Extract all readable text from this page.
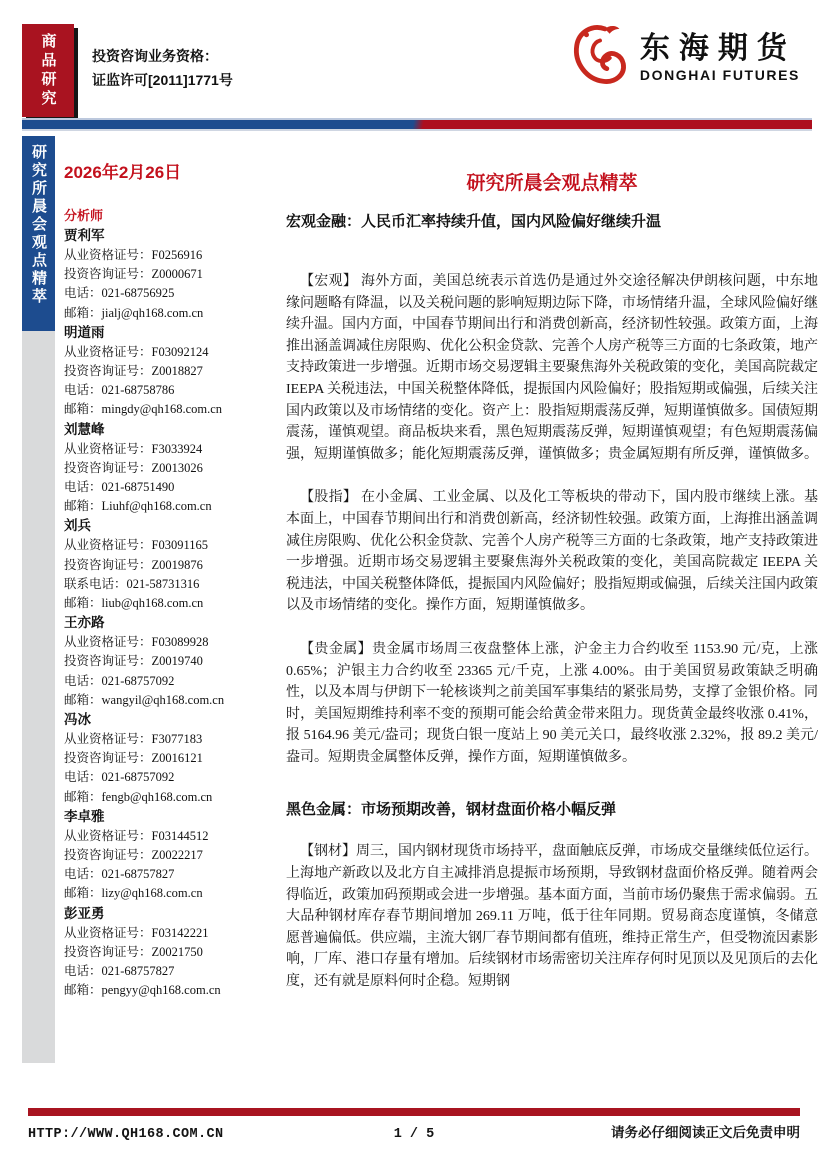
商品研究	投资咨询业务资格：
证监许可[2011]1771号
东海期货
DONGHAI FUTURES
研究所晨会观点精萃 2026年2月26日
分析师
贾利军
从业资格证号：F0256916
投资咨询证号：Z0000671
电话：021-68756925
邮箱：jialj@qh168.com.cn
明道雨
从业资格证号：F03092124
投资咨询证号：Z0018827
电话：021-68758786
邮箱：mingdy@qh168.com.cn
刘慧峰
从业资格证号：F3033924
投资咨询证号：Z0013026
电话：021-68751490
邮箱：Liuhf@qh168.com.cn
刘兵
从业资格证号：F03091165
投资咨询证号：Z0019876
联系电话：021-58731316
邮箱：liub@qh168.com.cn
王亦路
从业资格证号：F03089928
投资咨询证号：Z0019740
电话：021-68757092
邮箱：wangyil@qh168.com.cn
冯冰
从业资格证号：F3077183
投资咨询证号：Z0016121
电话：021-68757092
邮箱：fengb@qh168.com.cn
李卓雅
从业资格证号：F03144512
投资咨询证号：Z0022217
电话：021-68757827
邮箱：lizy@qh168.com.cn
彭亚勇
从业资格证号：F03142221
投资咨询证号：Z0021750
电话：021-68757827
邮箱：pengyy@qh168.com.cn
研究所晨会观点精萃
宏观金融：人民币汇率持续升值，国内风险偏好继续升温

【宏观】 海外方面，美国总统表示首选仍是通过外交途径解决伊朗核问题，中东地缘问题略有降温，以及关税问题的影响短期边际下降，市场情绪升温，全球风险偏好继续升温。国内方面，中国春节期间出行和消费创新高，经济韧性较强。政策方面，上海推出涵盖调减住房限购、优化公积金贷款、完善个人房产税等三方面的七条政策，地产支持政策进一步增强。近期市场交易逻辑主要聚焦海外关税政策的变化，美国高院裁定 IEEPA 关税违法，中国关税整体降低，提振国内风险偏好；股指短期或偏强，后续关注国内政策以及市场情绪的变化。资产上：股指短期震荡反弹，短期谨慎做多。国债短期震荡，谨慎观望。商品板块来看，黑色短期震荡反弹，短期谨慎观望；有色短期震荡偏强，短期谨慎做多；能化短期震荡反弹，谨慎做多；贵金属短期有所反弹，谨慎做多。

【股指】 在小金属、工业金属、以及化工等板块的带动下，国内股市继续上涨。基本面上，中国春节期间出行和消费创新高，经济韧性较强。政策方面，上海推出涵盖调减住房限购、优化公积金贷款、完善个人房产税等三方面的七条政策，地产支持政策进一步增强。近期市场交易逻辑主要聚焦海外关税政策的变化，美国高院裁定 IEEPA 关税违法，中国关税整体降低，提振国内风险偏好；股指短期或偏强，后续关注国内政策以及市场情绪的变化。操作方面，短期谨慎做多。

【贵金属】贵金属市场周三夜盘整体上涨，沪金主力合约收至 1153.90 元/克，上涨 0.65%；沪银主力合约收至 23365 元/千克，上涨 4.00%。由于美国贸易政策缺乏明确性，以及本周与伊朗下一轮核谈判之前美国军事集结的紧张局势，支撑了金银价格。同时，美国短期维持利率不变的预期可能会给黄金带来阻力。现货黄金最终收涨 0.41%，报 5164.96 美元/盎司；现货白银一度站上 90 美元关口，最终收涨 2.32%，报 89.2 美元/盎司。短期贵金属整体反弹，操作方面，短期谨慎做多。

黑色金属：市场预期改善，钢材盘面价格小幅反弹

【钢材】周三，国内钢材现货市场持平，盘面触底反弹，市场成交量继续低位运行。上海地产新政以及北方自主减排消息提振市场预期，导致钢材盘面价格反弹。随着两会得临近，政策加码预期或会进一步增强。基本面方面，当前市场仍聚焦于需求偏弱。五大品种钢材库存春节期间增加 269.11 万吨，低于往年同期。贸易商态度谨慎，冬储意愿普遍偏低。供应端，主流大钢厂春节期间都有值班，维持正常生产，但受物流因素影响，厂库、港口存量有增加。后续钢材市场需密切关注库存何时见顶以及见顶后的去化度，还有就是原料何时企稳。短期钢

HTTP://WWW.QH168.COM.CN	1 / 5	请务必仔细阅读正文后免责申明
